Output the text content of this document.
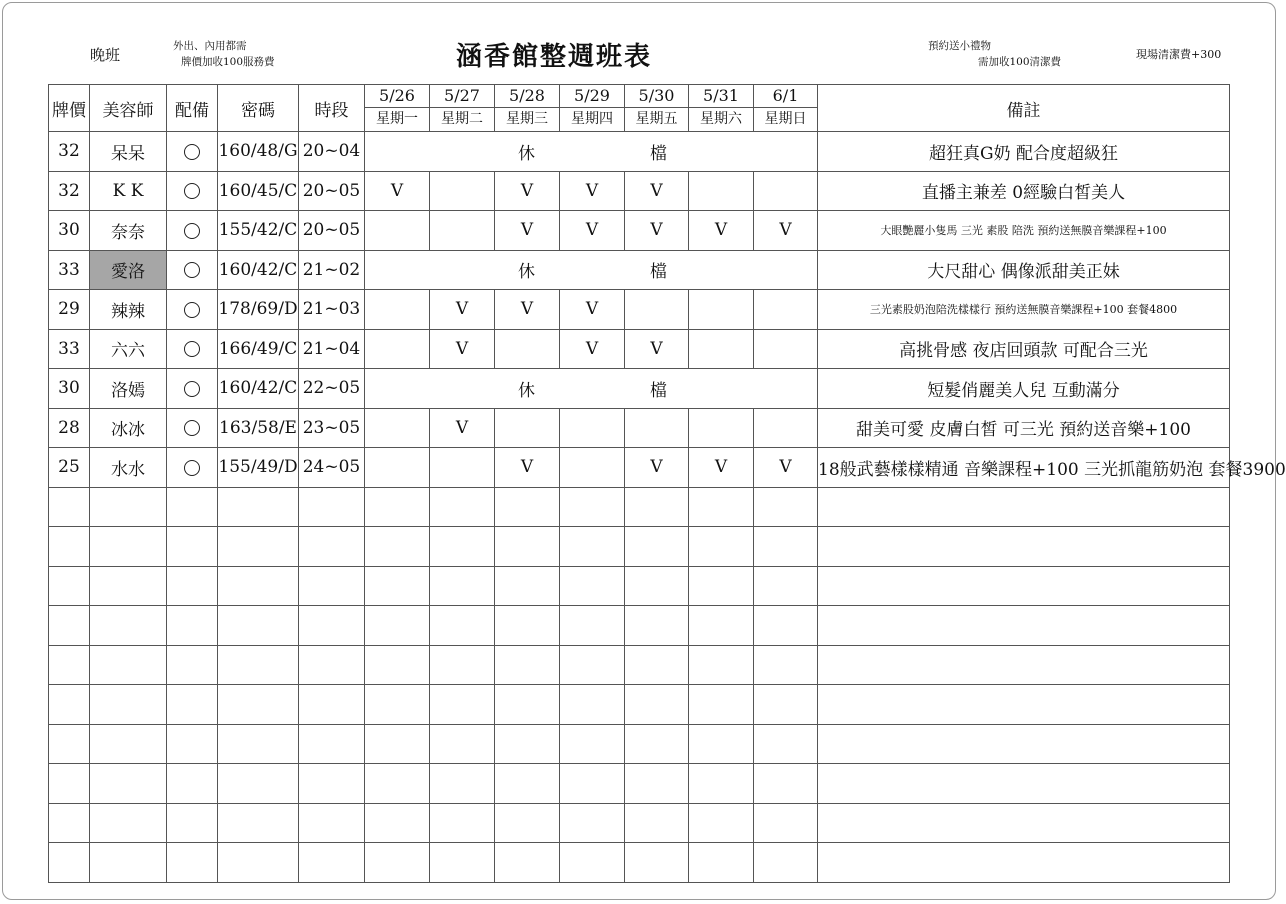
晚班	外出、內用都需
牌價加收100服務費	涵香館整週班表	預約送小禮物
需加收100清潔費
現場清潔費+300
牌價	美容師	配備	密碼	時段	5/26	5/27	5/28	5/29	5/30	5/31	6/1	備註
					星期一	星期二	星期三	星期四	星期五	星期六	星期日	
32	呆呆		160/48/G	20~04	休 檔							超狂真G奶 配合度超級狂
32	K K		160/45/C	20~05	V		V	V	V			直播主兼差 0經驗白皙美人
30	奈奈		155/42/C	20~05			V	V	V	V	V	大眼艷麗小隻馬 三光 素股 陪洗 預約送無膜音樂課程+100
33	愛洛		160/42/C	21~02	休 檔							大尺甜心 偶像派甜美正妹
29	辣辣		178/69/D	21~03		V	V	V				三光素股奶泡陪洗樣樣行 預約送無膜音樂課程+100 套餐4800
33	六六		166/49/C	21~04		V		V	V			高挑骨感 夜店回頭款 可配合三光
30	洛嫣		160/42/C	22~05	休 檔							短髮俏麗美人兒 互動滿分
28	冰冰		163/58/E	23~05		V						甜美可愛 皮膚白皙 可三光 預約送音樂+100
25	水水		155/49/D	24~05			V		V	V	V	18般武藝樣樣精通 音樂課程+100 三光抓龍筋奶泡 套餐3900
